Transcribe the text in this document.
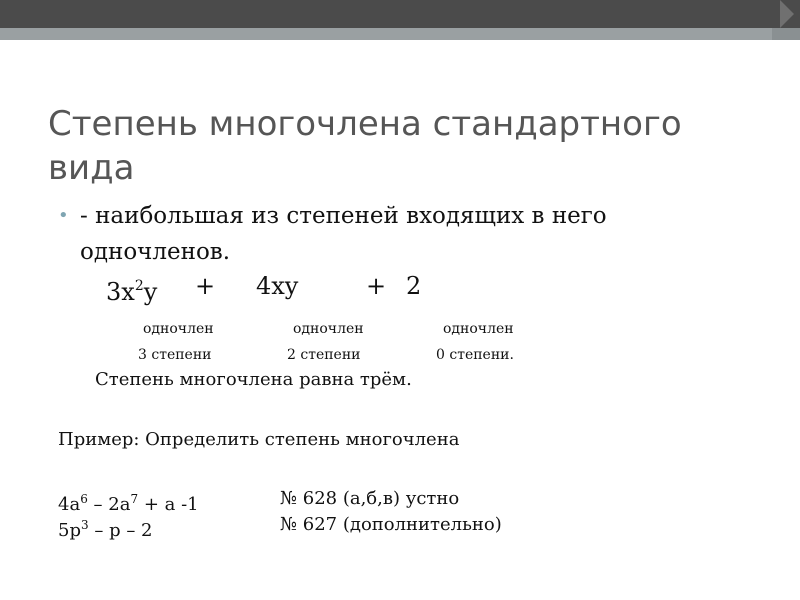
Степень многочлена стандартного вида
• - наибольшая из степеней входящих в него одночленов.
$3x^2y + 4xy$	+ 2
одночлен	одночлен	одночлен
3 степени	2 степени	0 степени.
Степень многочлена равна трём.
Пример: Определить степень многочлена
$4a^6 - 2a^7 + a$ -1	№ 628 (а,б,в) устно
$5p^3$ – p – 2	№ 627 (дополнительно)
